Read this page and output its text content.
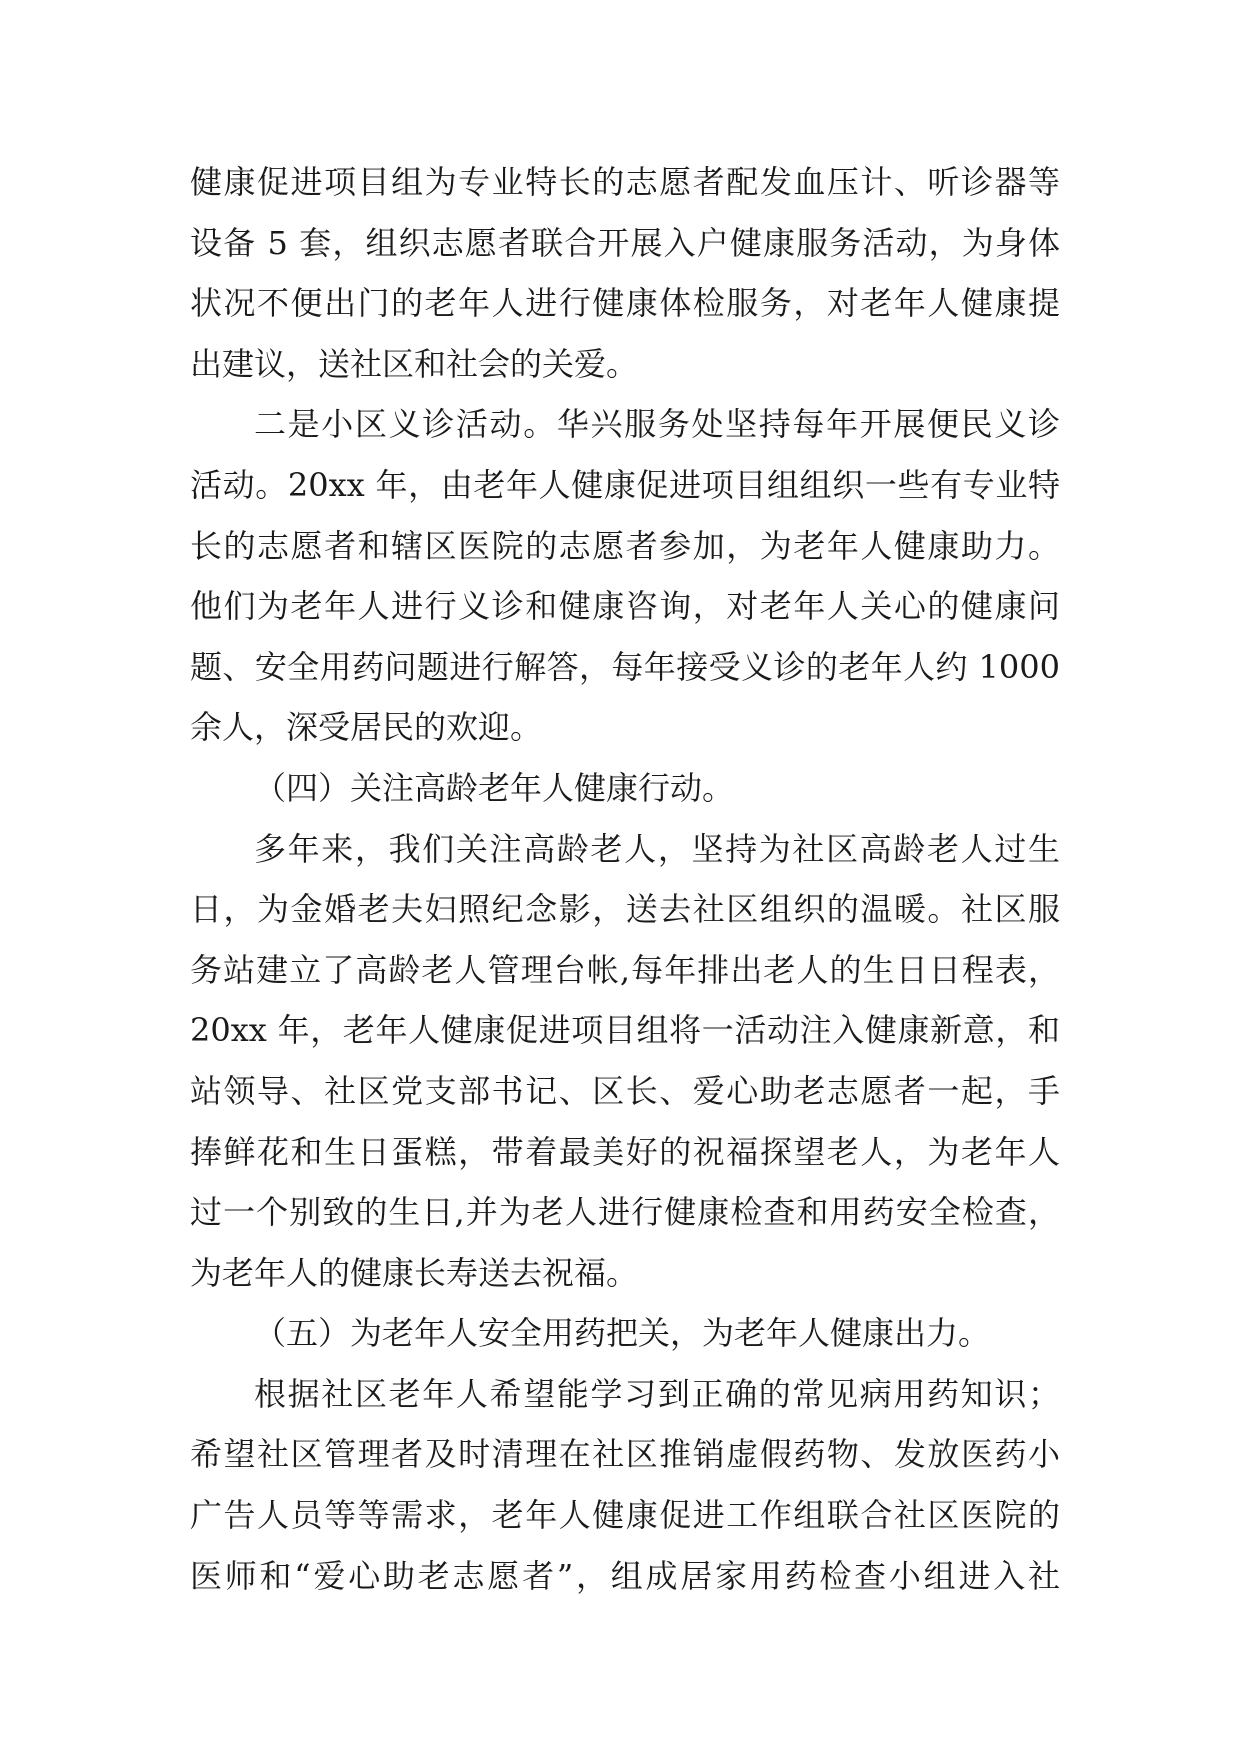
健康促进项目组为专业特长的志愿者配发血压计、听诊器等
设备 5 套，组织志愿者联合开展入户健康服务活动，为身体
状况不便出门的老年人进行健康体检服务，对老年人健康提
出建议，送社区和社会的关爱。
二是小区义诊活动。华兴服务处坚持每年开展便民义诊
活动。20xx 年，由老年人健康促进项目组组织一些有专业特
长的志愿者和辖区医院的志愿者参加，为老年人健康助力。
他们为老年人进行义诊和健康咨询，对老年人关心的健康问
题、安全用药问题进行解答，每年接受义诊的老年人约 1000
余人，深受居民的欢迎。
（四）关注高龄老年人健康行动。
多年来，我们关注高龄老人，坚持为社区高龄老人过生
日，为金婚老夫妇照纪念影，送去社区组织的温暖。社区服
务站建立了高龄老人管理台帐,每年排出老人的生日日程表，
20xx 年，老年人健康促进项目组将一活动注入健康新意，和
站领导、社区党支部书记、区长、爱心助老志愿者一起，手
捧鲜花和生日蛋糕，带着最美好的祝福探望老人，为老年人
过一个别致的生日,并为老人进行健康检查和用药安全检查，
为老年人的健康长寿送去祝福。
（五）为老年人安全用药把关，为老年人健康出力。
根据社区老年人希望能学习到正确的常见病用药知识；
希望社区管理者及时清理在社区推销虚假药物、发放医药小
广告人员等等需求，老年人健康促进工作组联合社区医院的
医师和“爱心助老志愿者”，组成居家用药检查小组进入社
